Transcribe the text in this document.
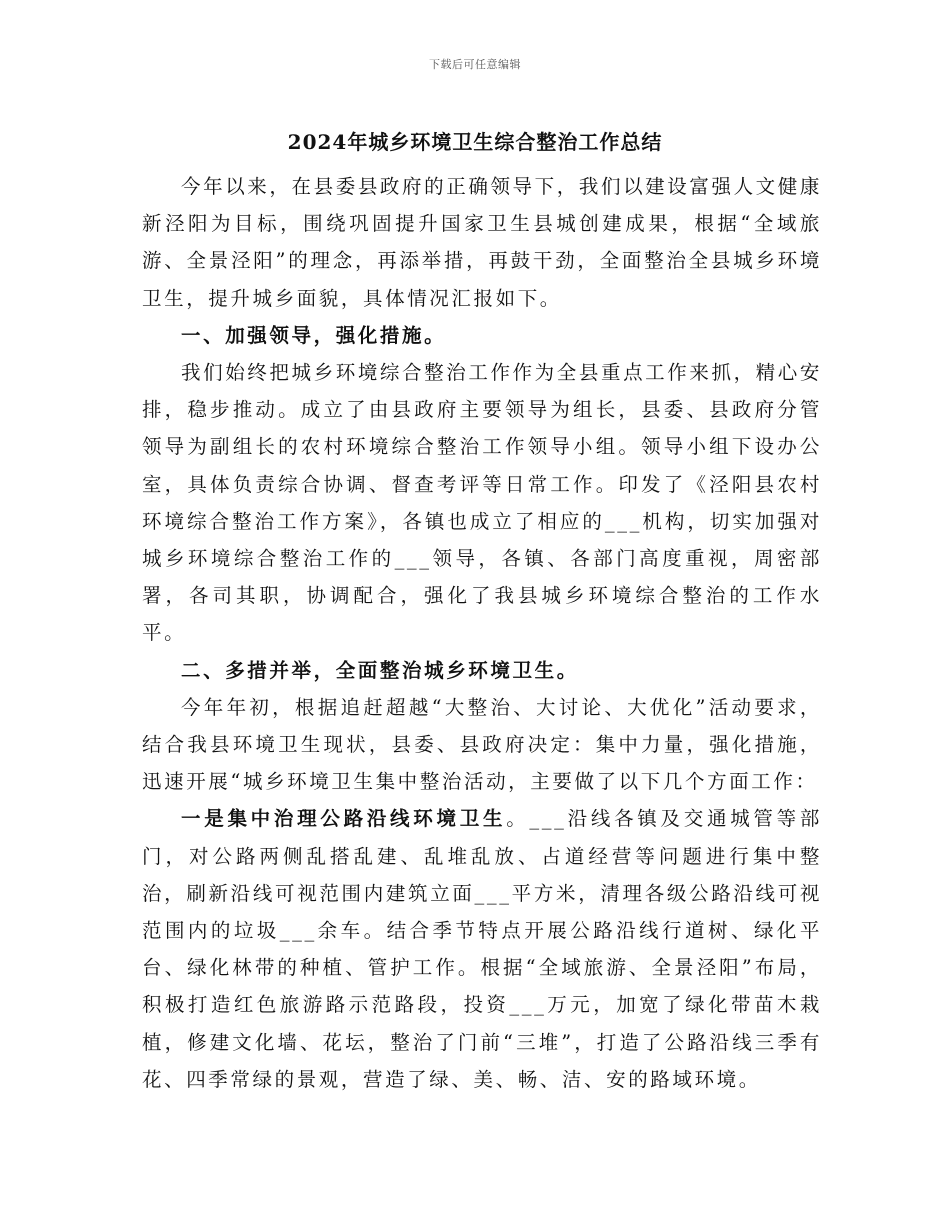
下载后可任意编辑
2024年城乡环境卫生综合整治工作总结

今年以来，在县委县政府的正确领导下，我们以建设富强人文健康新泾阳为目标，围绕巩固提升国家卫生县城创建成果，根据“全域旅游、全景泾阳”的理念，再添举措，再鼓干劲，全面整治全县城乡环境卫生，提升城乡面貌，具体情况汇报如下。

一、加强领导，强化措施。

我们始终把城乡环境综合整治工作作为全县重点工作来抓，精心安排，稳步推动。成立了由县政府主要领导为组长，县委、县政府分管领导为副组长的农村环境综合整治工作领导小组。领导小组下设办公室，具体负责综合协调、督查考评等日常工作。印发了《泾阳县农村环境综合整治工作方案》，各镇也成立了相应的___机构，切实加强对城乡环境综合整治工作的___领导，各镇、各部门高度重视，周密部署，各司其职，协调配合，强化了我县城乡环境综合整治的工作水平。

二、多措并举，全面整治城乡环境卫生。

今年年初，根据追赶超越“大整治、大讨论、大优化”活动要求，结合我县环境卫生现状，县委、县政府决定：集中力量，强化措施，迅速开展“城乡环境卫生集中整治活动，主要做了以下几个方面工作：

一是集中治理公路沿线环境卫生。___沿线各镇及交通城管等部门，对公路两侧乱搭乱建、乱堆乱放、占道经营等问题进行集中整治，刷新沿线可视范围内建筑立面___平方米，清理各级公路沿线可视范围内的垃圾___余车。结合季节特点开展公路沿线行道树、绿化平台、绿化林带的种植、管护工作。根据“全域旅游、全景泾阳”布局，积极打造红色旅游路示范路段，投资___万元，加宽了绿化带苗木栽植，修建文化墙、花坛，整治了门前“三堆”，打造了公路沿线三季有花、四季常绿的景观，营造了绿、美、畅、洁、安的路域环境。
